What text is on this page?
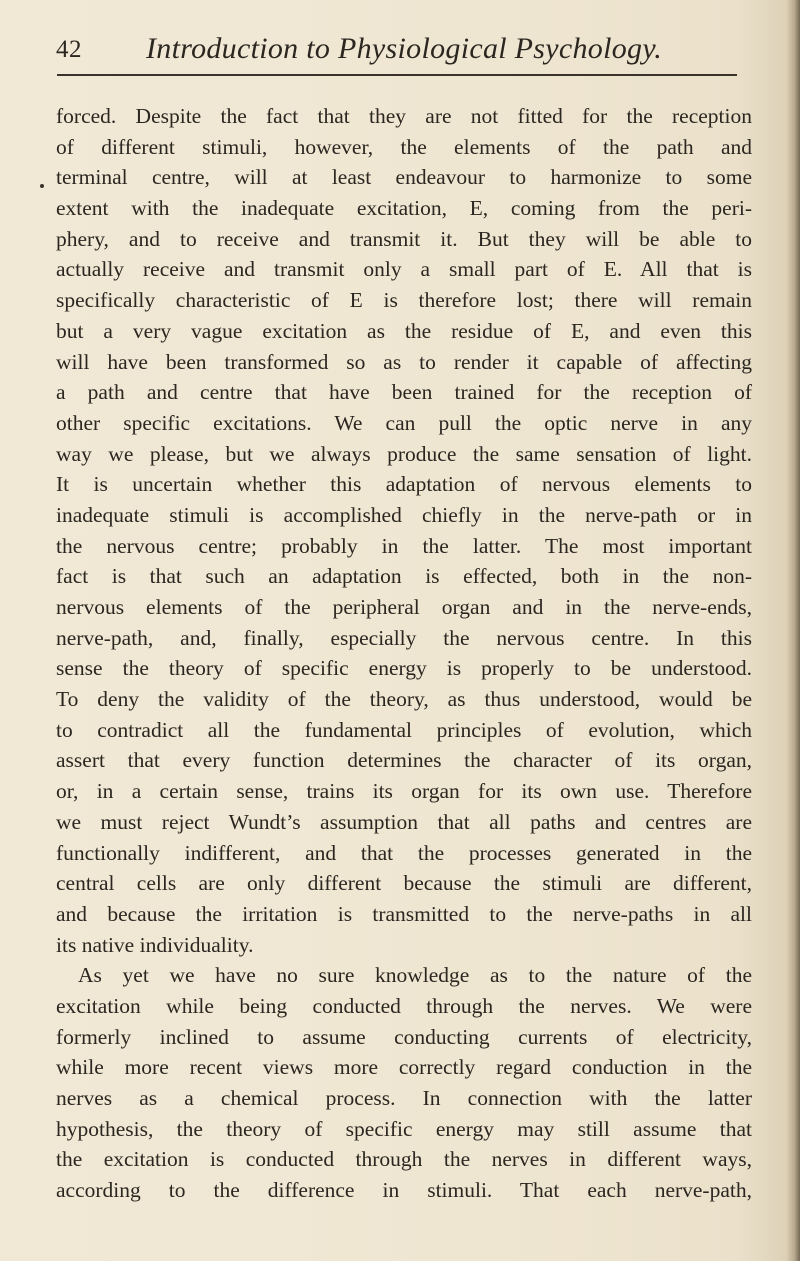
42 Introduction to Physiological Psychology.
forced. Despite the fact that they are not fitted for the reception
of different stimuli, however, the elements of the path and
terminal centre, will at least endeavour to harmonize to some
extent with the inadequate excitation, E, coming from the peri-
phery, and to receive and transmit it. But they will be able to
actually receive and transmit only a small part of E. All that is
specifically characteristic of E is therefore lost; there will remain
but a very vague excitation as the residue of E, and even this
will have been transformed so as to render it capable of affecting
a path and centre that have been trained for the reception of
other specific excitations. We can pull the optic nerve in any
way we please, but we always produce the same sensation of light.
It is uncertain whether this adaptation of nervous elements to
inadequate stimuli is accomplished chiefly in the nerve-path or in
the nervous centre; probably in the latter. The most important
fact is that such an adaptation is effected, both in the non-
nervous elements of the peripheral organ and in the nerve-ends,
nerve-path, and, finally, especially the nervous centre. In this
sense the theory of specific energy is properly to be understood.
To deny the validity of the theory, as thus understood, would be
to contradict all the fundamental principles of evolution, which
assert that every function determines the character of its organ,
or, in a certain sense, trains its organ for its own use. Therefore
we must reject Wundt’s assumption that all paths and centres are
functionally indifferent, and that the processes generated in the
central cells are only different because the stimuli are different,
and because the irritation is transmitted to the nerve-paths in all
its native individuality.
As yet we have no sure knowledge as to the nature of the
excitation while being conducted through the nerves. We were
formerly inclined to assume conducting currents of electricity,
while more recent views more correctly regard conduction in the
nerves as a chemical process. In connection with the latter
hypothesis, the theory of specific energy may still assume that
the excitation is conducted through the nerves in different ways,
according to the difference in stimuli. That each nerve-path,
